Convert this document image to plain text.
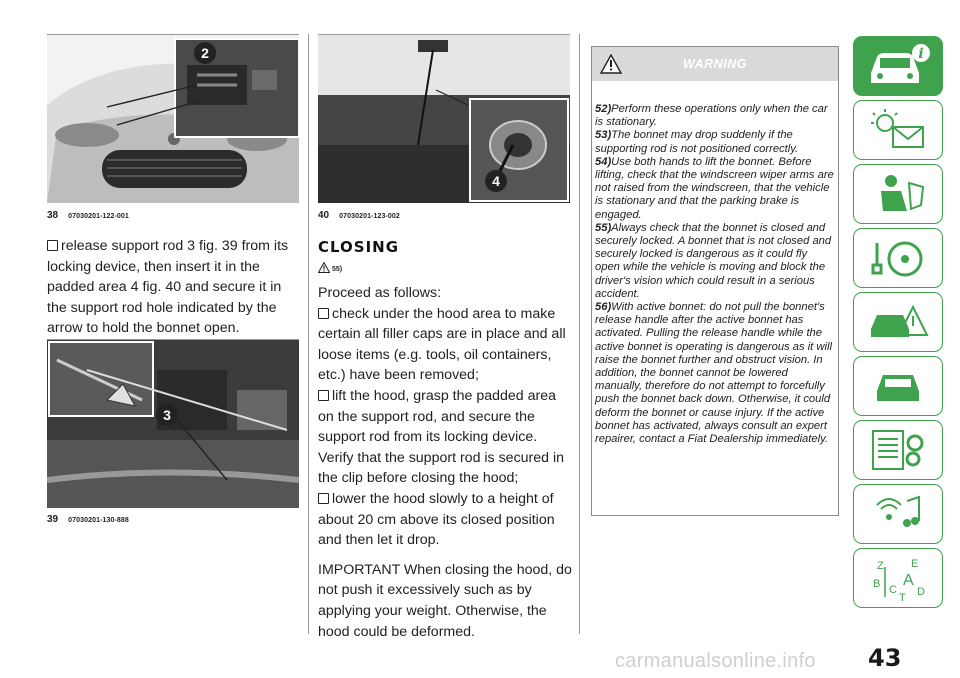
2
38 07030201-122-001

release support rod 3 fig. 39 from its locking device, then insert it in the padded area 4 fig. 40 and secure it in the support rod hole indicated by the arrow to hold the bonnet open.

3
39 07030201-130-888
4
40 07030201-123-002
CLOSING
55)

Proceed as follows:

check under the hood area to make certain all filler caps are in place and all loose items (e.g. tools, oil containers, etc.) have been removed;

lift the hood, grasp the padded area on the support rod, and secure the support rod from its locking device. Verify that the support rod is secured in the clip before closing the hood;

lower the hood slowly to a height of about 20 cm above its closed position and then let it drop.

IMPORTANT When closing the hood, do not push it excessively such as by applying your weight. Otherwise, the hood could be deformed.

WARNING
52)Perform these operations only when the car is stationary.
53)The bonnet may drop suddenly if the supporting rod is not positioned correctly.
54)Use both hands to lift the bonnet. Before lifting, check that the windscreen wiper arms are not raised from the windscreen, that the vehicle is stationary and that the parking brake is engaged.
55)Always check that the bonnet is closed and securely locked. A bonnet that is not closed and securely locked is dangerous as it could fly open while the vehicle is moving and block the driver's vision which could result in a serious accident.
56)With active bonnet: do not pull the bonnet's release handle after the active bonnet has activated. Pulling the release handle while the active bonnet is operating is dangerous as it will raise the bonnet further and obstruct vision. In addition, the bonnet cannot be lowered manually, therefore do not attempt to forcefully push the bonnet back down. Otherwise, it could deform the bonnet or cause injury. If the active bonnet has activated, always consult an expert repairer, contact a Fiat Dealership immediately.
i
Z E
B A
C D
T
43
carmanualsonline.info
